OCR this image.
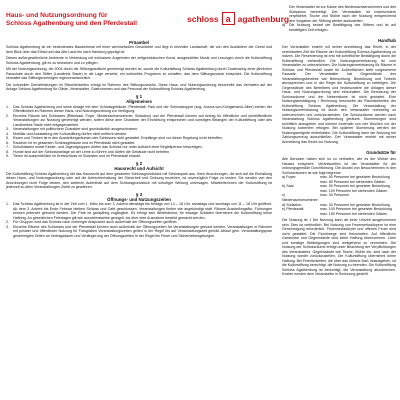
Haus- und Nutzungsordnung für
Schloss Agathenburg und den Pferdestall	schloss a agathenburg
Präambel

Schloss Agathenburg ist ein bedeutendes Baudenkmal mit einer wechselvollen Geschichte und liegt in reizvoller Landschaft, die von den Ausläufern der Geest und dem Blick über das Elbtal und das Alte Land bis nach Hamburg geprägt ist.

Dieses außergewöhnliche Ambiente in Verbindung mit exklusiven Angeboten der zeitgenössischen Kunst, ausgewählter Musik und Lesungen durch die Kulturstiftung Schloss Agathenburg, gilt es zu bewahren und zu pflegen.

Mit der Nutzungsordnung, die 2004 durch die Stiftungsaufsicht genehmigt worden ist, wurde die Kulturstiftung Schloss Agathenburg durch Zuwendung einer jährlichen Pauschale durch den Stifter (Landkreis Stade) in die Lage versetzt, ein kulturelles Programm zu schaffen, das dem Stiftungszweck entspricht. Die Kulturstiftung verwaltet das Stiftungsvermögen eigenverantwortlich.

Die kulturellen Dienstleistungen im Räumlichkeiten erfolgt im Rahmen des Stiftungszwecks. Diese Haus- und Nutzungsordnung beschreibt das Verhalten auf der Anlage Schloss Agathenburg für Gäste, Veranstalter, Gastronomen und das Personal der Kulturstiftung Schloss Agathenburg.

§ 1
Allgemeines
1.	Das Schloss Agathenburg und seine Anlage mit dem Schlossgebäude, Pferdestall, Park und der Schlosskoppel (sog. Aurora-von-Königsmarck-Allee) stehen der Öffentlichkeit im Rahmen dieser Haus- und Nutzungsordnung zur Verfügung.
2.	Einzelne Räume des Schlosses (Rittersaal, Foyer, Niedersachsenzimmer, Südsalon) und der Pferdestall können auf Antrag für öffentliche und nichtöffentliche Veranstaltungen zur Nutzung genehmigt werden, sofern diese dem Charakter der Einrichtung entsprechen und sonstigen Belangen der Kulturstiftung oder des Landkreises Stade nicht entgegenstehen.
3.	Veranstaltungen mit politischem Charakter sind grundsätzlich ausgeschlossen.
4.	Mobiliar und Ausstattung der Kulturstiftung dürfen nicht entfernt werden.
5.	Essen und Trinken ist in den Ausstellungsräumen des Schlosses nicht gestattet. Empfänge sind vor dieser Regelung nicht betroffen.
6.	Rauchen ist im gesamten Schlossgebäude und im Pferdestall nicht gestattet.
7.	Schulklassen sowie Kinder- und Jugendgruppen dürfen das Schloss nur unter Aufsicht einer Begleitperson besichtigen.
8.	Hunde sind auf der Schlosseanlage an der Leine zu führen und dürfen die Gebäude nicht betreten.
9.	Tieren ist ausschließlich im Kreisschloss im Südosten und im Pferdestall erlaubt.
§ 2
Hausrecht und Aufsicht

Die Kulturstiftung Schloss Agathenburg übt das Hausrecht auf dem gesamten Schlossgrundstück mit Schlosspark aus. Ihren Anordnungen, die sich auf die Einhaltung dieser Haus- und Nutzungsordnung oder auf die Aufrechterhaltung der Sicherheit und Ordnung beziehen, ist unverzüglich Folge zu leisten. Sie werden von den Anordnungen nicht Folge leisten, den weiteren Aufenthalt auf dem Schlossgrundstück mit sofortiger Wirkung untersagen. Mitarbeiterinnen der Kulturstiftung ist jederzeit zu allen Veranstaltungen Zutritt zu gewähren.

§ 3
Öffnungs- und Nutzungszeiten
1.	Das Schloss Agathenburg ist in der Zeit vom 1. März bis zum 3. Advent dienstags bis freitags von 14 – 18 Uhr, samstags und sonntags von 11 – 18 Uhr geöffnet. Ab dem 3. Advent bis Ende Februar bleiben Schloss und Café geschlossen. Veranstaltungen finden wie angekündigt statt. Räume-Ausstellungsflur, Führungen können jederzeit gebucht werden. Der Park ist ganzjährig zugänglich. Es erfolgt kein Winterdienst, für etwaige Schäden übernimmt die Kulturstiftung keine Haftung. An gesetzlichen Feiertagen gilt wie ausnahmsweise geregelt, bis über eine Ausnahme besteht gemacht werden.
2.	Für Gruppen wird das Schloss nach vorheriger Absprache auch außerhalb der Öffnungszeiten geöffnet.
3.	Einzelne Räume des Schlosses und der Pferdestall können auch außerhalb der Öffnungszeiten für Veranstaltungen genutzt werden. Veranstaltungen in Räumen mit privater und öffentlicher Nutzung für Fotografien Veranstaltungszeiten gelten in der Regel bis auf Veranstaltungszeit gemäß Ablauf gem. Veranstaltungsplan genehmigten Zeiten an Vertragsdauer und Verlängerung der Öffnungszeiten in der Regel bis Feuer und Sicherheitsregelungen.
Der Veranstalter ist zur Kasse des Niedersachsenzimmers und des Südsalons berechtigt. Der Veranstalter ist insbesondere verpflichtet, Tische und Stühle nach der Nutzung entsprechend den Vorgaben der Stiftung wieder aufzustellen.
d)	Die Nutzung bedarf der Bestätigung des Stifters und ist auf bestätigten Zeit erfolgen.
Handhab

Der Veranstalter erwirbt mit seiner Anmeldung das Recht, in der vereinbarten Zeit die Räume der Kulturstiftung Schloss Agathenburg zu nutzen. Die Reservierung ist erst mit schriftlicher Bestätigung durch die Kulturstiftung verbindlich. Die Nutzungsvereinbarung ist vom Veranstalter zu unterzeichnen. Die Nutzungsvereinbarung für Räume in Schloss und Pferdestall sowie für Außenflächen stellt vorgesehene Fassade. Der Veranstalter hat Gegenstände des Veranstaltungsbetriebs wie Beleuchtung, Bestuhlung und Technik abzusprechen und in der Regel die Kulturstiftung zu beteiligen. Die Gegenstände des Betreibers und insbesondere die Anlagen dieser Haus- und Nutzungsordnung sind einzuhalten. Die Benutzung der Schlossräume und der Nebenräume ist nicht gestattet. Eine Nutzungsbestätigung / Rechnung beschreibt die Räumlichkeiten der Kulturstiftung Schloss Agathenburg. Die Veranstaltung der Nutzungsvereinbarung ist durch den Veranstalter rechtzeitig zu unterzeichnen und zurückzusenden. Die Schlossräume werden nach Veranstaltung Schloss Agathenburg geräumt. Stornierungen sind schriftlich abzugeben und können innerhalb von vier Wochen vor der Nutzung kostenfrei erfolgen. Bei späterer Stornierung werden die Nutzungsentgelte einbehalten. Die Kulturstiftung kann die Nutzung bei Zahlungsverzug ausschließen. Der Veranstalter erwirbt mit seiner Anmeldung das Recht zur Nutzung.

Grundsätze für

Alle Benutzer haben sich so zu verhalten, wie es der Würde des Hauses entspricht. Verantwortlich ist der Veranstalter für die ordnungsgemäße Durchführung. Die Anzahl von Besucherinnen in den Schlossräumen ist wie folgt begrenzt:

a) Foyer:	max. 50 Personen bei gesetzter Bestuhlung
max. 80 Personen bei stehenden Gästen
b) Saal	max. 50 Personen bei gesetzter Bestuhlung
max. 100 Personen bei stehenden Gästen
c) Niedersachsenzimmer:
max. 30 Personen
d) Südsalon:	max. 30 Personen bei gesetzter Bestuhlung
e) Pferdestall:	max. 100 Personen bei gesetzter Bestuhlung
max. 150 Personen bei stehenden Gästen

Die Nutzung ist 1 Die Nutzung kann ab einer Uhrzeit ausgenommen sein. Dies ist verbindlich. Bei Nutzung von Feuerwerkskörpern ist eine Genehmigung erforderlich. Feuerwerkskörper und offenes Feuer sind nicht gestattet. Die Fluchtwege sind freizuhalten. Auf öffentliche Garderobe und Gegenstände wird keine Haftung übernommen. Lärm und sonstige Belästigungen sind weitgehend zu vermeiden. Die Nutzung der Schlossräume erfolgt unter Beachtung der Verpflichtungen des Veranstalters. Gegenstände wie Tische, Stühle etc. sind nach der Nutzung wieder zurückzustellen. Die Kulturstiftung übernimmt keine Haftung. Bei Feierlichkeiten, die über das übliche Maß hinausgehen, ist die Kulturstiftung berechtigt, die Nutzung zu beenden. Die Kulturstiftung Schloss Agathenburg ist berechtigt, die Veranstaltung abzubrechen. Kosten werden dem Veranstalter in Rechnung gestellt.
